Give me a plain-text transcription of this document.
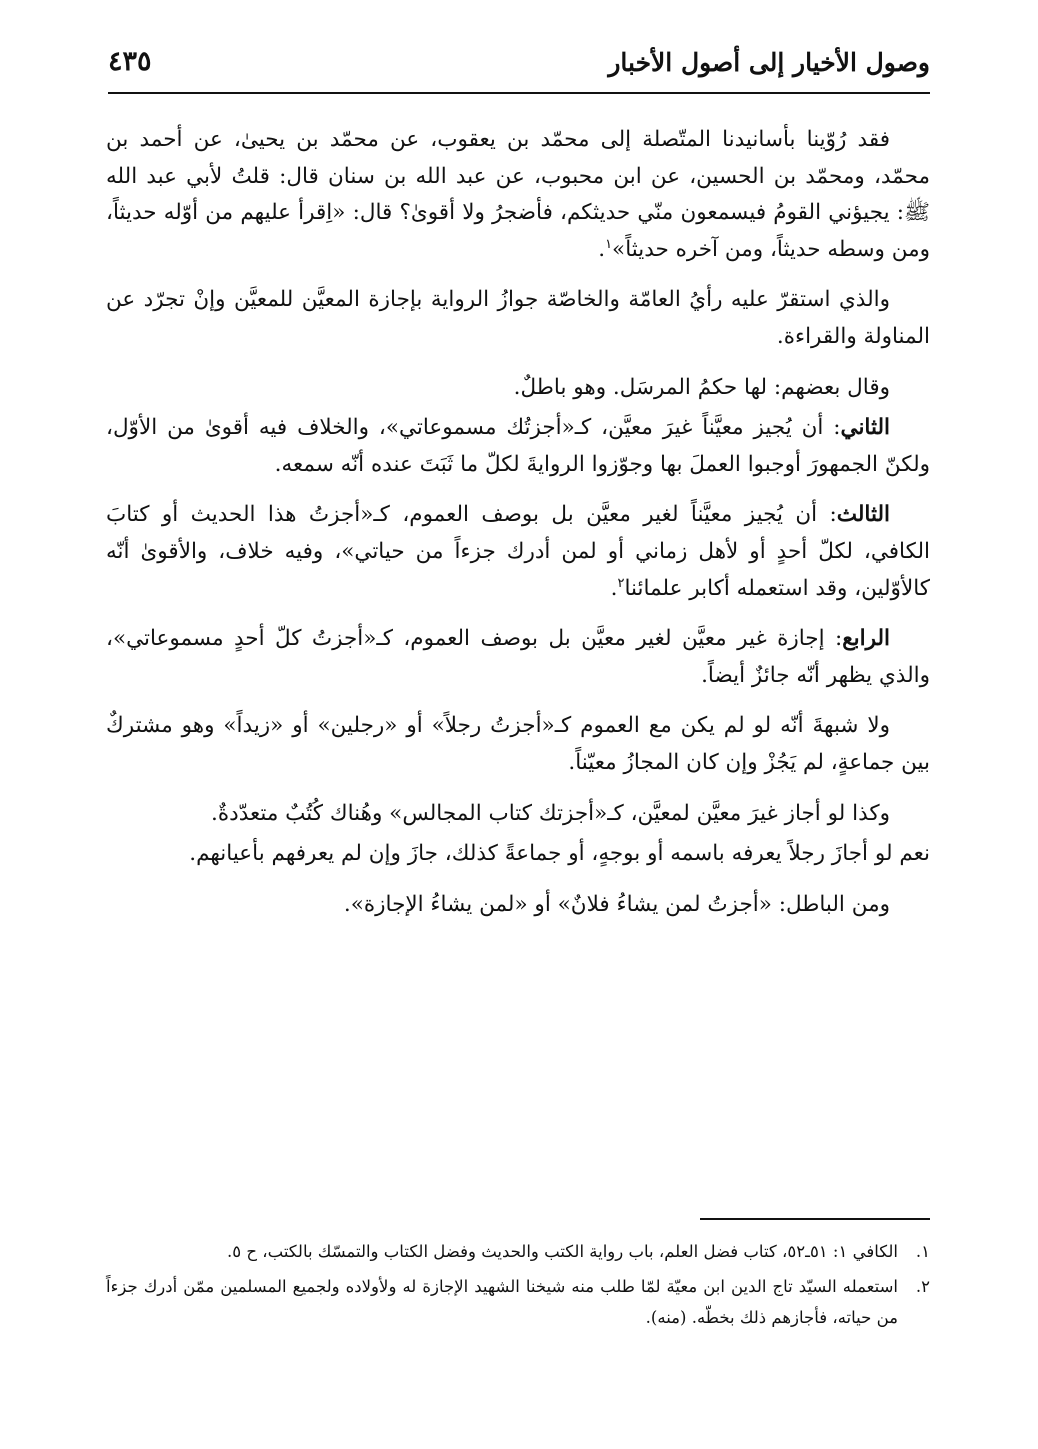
وصول الأخيار إلى أصول الأخبار
٤٣٥

فقد رُوّينا بأسانيدنا المتّصلة إلى محمّد بن يعقوب، عن محمّد بن يحيىٰ، عن أحمد بن محمّد، ومحمّد بن الحسين، عن ابن محبوب، عن عبد الله بن سنان قال: قلتُ لأبي عبد الله ﷺ: يجيؤني القومُ فيسمعون منّي حديثكم، فأضجرُ ولا أقوىٰ؟ قال: «اِقرأ عليهم من أوّله حديثاً، ومن وسطه حديثاً، ومن آخره حديثاً»$^١$.

والذي استقرّ عليه رأيُ العامّة والخاصّة جوازُ الرواية بإجازة المعيَّن للمعيَّن وإنْ تجرّد عن المناولة والقراءة.

وقال بعضهم: لها حكمُ المرسَل. وهو باطلٌ.

الثاني: أن يُجيز معيَّناً غيرَ معيَّن، كـ«أجزتُك مسموعاتي»، والخلاف فيه أقوىٰ من الأوّل، ولكنّ الجمهورَ أوجبوا العملَ بها وجوّزوا الروايةَ لكلّ ما ثَبَتَ عنده أنّه سمعه.

الثالث: أن يُجيز معيَّناً لغير معيَّن بل بوصف العموم، كـ«أجزتُ هذا الحديث أو كتابَ الكافي، لكلّ أحدٍ أو لأهل زماني أو لمن أدرك جزءاً من حياتي»، وفيه خلاف، والأقوىٰ أنّه كالأوّلين، وقد استعمله أكابر علمائنا$^٢$.

الرابع: إجازة غير معيَّن لغير معيَّن بل بوصف العموم، كـ«أجزتُ كلّ أحدٍ مسموعاتي»، والذي يظهر أنّه جائزٌ أيضاً.

ولا شبهةَ أنّه لو لم يكن مع العموم كـ«أجزتُ رجلاً» أو «رجلين» أو «زيداً» وهو مشتركٌ بين جماعةٍ، لم يَجُزْ وإن كان المجازُ معيّناً.

وكذا لو أجاز غيرَ معيَّن لمعيَّن، كـ«أجزتك كتاب المجالس» وهُناك كُتُبٌ متعدّدةٌ.

نعم لو أجازَ رجلاً يعرفه باسمه أو بوجهٍ، أو جماعةً كذلك، جازَ وإن لم يعرفهم بأعيانهم.

ومن الباطل: «أجزتُ لمن يشاءُ فلانٌ» أو «لمن يشاءُ الإجازة».

١.
الكافي ١: ٥١ـ٥٢، كتاب فضل العلم، باب رواية الكتب والحديث وفضل الكتاب والتمسّك بالكتب، ح ٥.
٢.
استعمله السيّد تاج الدين ابن معيّة لمّا طلب منه شيخنا الشهيد الإجازة له ولأولاده ولجميع المسلمين ممّن أدرك جزءاً من حياته، فأجازهم ذلك بخطّه. (منه).
